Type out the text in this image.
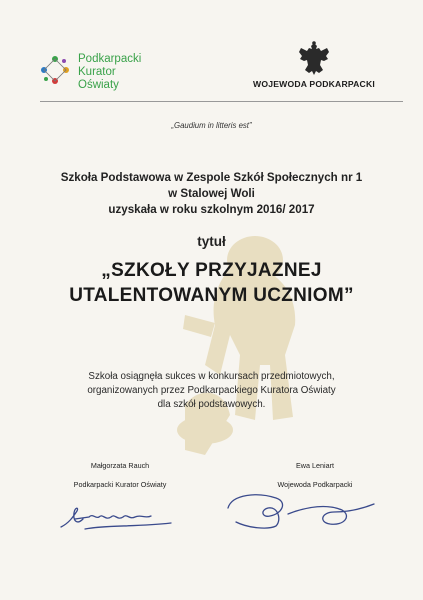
Podkarpacki
Kurator
Oświaty	WOJEWODA PODKARPACKI
„Gaudium in litteris est”
Szkoła Podstawowa w Zespole Szkół Społecznych nr 1
w Stalowej Woli
uzyskała w roku szkolnym 2016/ 2017
tytuł
„SZKOŁY PRZYJAZNEJ
UTALENTOWANYM UCZNIOM”
Szkoła osiągnęła sukces w konkursach przedmiotowych,
organizowanych przez Podkarpackiego Kuratora Oświaty
dla szkół podstawowych.
Małgorzata Rauch
Podkarpacki Kurator Oświaty
Ewa Leniart
Wojewoda Podkarpacki
